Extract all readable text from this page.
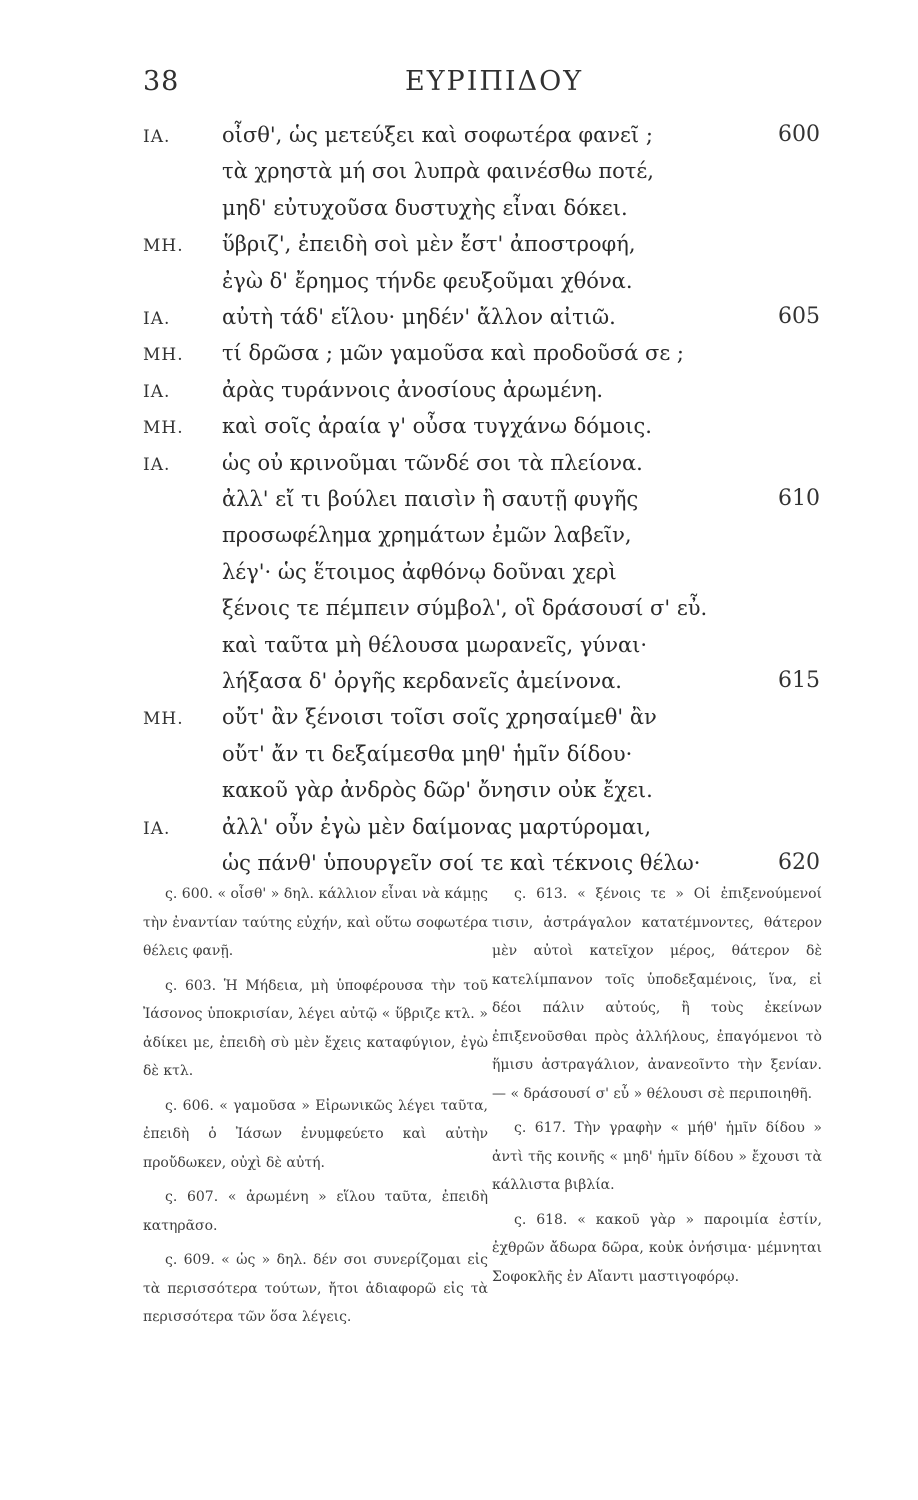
38	ΕΥΡΙΠΙΔΟΥ
ΙΑ. οἶσθ', ὡς μετεύξει καὶ σοφωτέρα φανεῖ ;	600
τὰ χρηστὰ μή σοι λυπρὰ φαινέσθω ποτέ,
μηδ' εὐτυχοῦσα δυστυχὴς εἶναι δόκει.
ΜΗ. ὕβριζ', ἐπειδὴ σοὶ μὲν ἔστ' ἀποστροφή,
ἐγὼ δ' ἔρημος τήνδε φευξοῦμαι χθόνα.
ΙΑ. αὐτὴ τάδ' εἵλου· μηδέν' ἄλλον αἰτιῶ.	605
ΜΗ. τί δρῶσα ; μῶν γαμοῦσα καὶ προδοῦσά σε ;
ΙΑ. ἀρὰς τυράννοις ἀνοσίους ἀρωμένη.
ΜΗ. καὶ σοῖς ἀραία γ' οὖσα τυγχάνω δόμοις.
ΙΑ. ὡς οὐ κρινοῦμαι τῶνδέ σοι τὰ πλείονα.
ἀλλ' εἴ τι βούλει παισὶν ἢ σαυτῇ φυγῆς	610
προσωφέλημα χρημάτων ἐμῶν λαβεῖν,
λέγ'· ὡς ἕτοιμος ἀφθόνῳ δοῦναι χερὶ
ξένοις τε πέμπειν σύμβολ', οἳ δράσουσί σ' εὖ.
καὶ ταῦτα μὴ θέλουσα μωρανεῖς, γύναι·
λήξασα δ' ὀργῆς κερδανεῖς ἀμείνονα.	615
ΜΗ. οὔτ' ἂν ξένοισι τοῖσι σοῖς χρησαίμεθ' ἂν
οὔτ' ἄν τι δεξαίμεσθα μηθ' ἡμῖν δίδου·
κακοῦ γὰρ ἀνδρὸς δῶρ' ὄνησιν οὐκ ἔχει.
ΙΑ. ἀλλ' οὖν ἐγὼ μὲν δαίμονας μαρτύρομαι,
ὡς πάνθ' ὑπουργεῖν σοί τε καὶ τέκνοις θέλω·	620

ς. 600. « οἶσθ' » δηλ. κάλλιον εἶναι νὰ κάμῃς τὴν ἐναντίαν ταύτης εὐχήν, καὶ οὕτω σοφωτέρα θέλεις φανῇ.

ς. 603. Ἡ Μήδεια, μὴ ὑποφέρουσα τὴν τοῦ Ἰάσονος ὑποκρισίαν, λέγει αὐτῷ « ὕβριζε κτλ. » ἀδίκει με, ἐπειδὴ σὺ μὲν ἔχεις καταφύγιον, ἐγὼ δὲ κτλ.

ς. 606. « γαμοῦσα » Εἰρωνικῶς λέγει ταῦτα, ἐπειδὴ ὁ Ἰάσων ἐνυμφεύετο καὶ αὐτὴν προὔδωκεν, οὐχὶ δὲ αὐτή.

ς. 607. « ἀρωμένη » εἵλου ταῦτα, ἐπειδὴ κατηρᾶσο.

ς. 609. « ὡς » δηλ. δέν σοι συνερίζομαι εἰς τὰ περισσότερα τούτων, ἤτοι ἀδιαφορῶ εἰς τὰ περισσότερα τῶν ὅσα λέγεις.

ς. 613. « ξένοις τε » Οἱ ἐπιξενούμενοί τισιν, ἀστράγαλον κατατέμνοντες, θάτερον μὲν αὐτοὶ κατεῖχον μέρος, θάτερον δὲ κατελίμπανον τοῖς ὑποδεξαμένοις, ἵνα, εἰ δέοι πάλιν αὐτούς, ἢ τοὺς ἐκείνων ἐπιξενοῦσθαι πρὸς ἀλλήλους, ἐπαγόμενοι τὸ ἥμισυ ἀστραγάλιον, ἀνανεοῖντο τὴν ξενίαν. — « δράσουσί σ' εὖ » θέλουσι σὲ περιποιηθῆ.

ς. 617. Τὴν γραφὴν « μήθ' ἡμῖν δίδου » ἀντὶ τῆς κοινῆς « μηδ' ἡμῖν δίδου » ἔχουσι τὰ κάλλιστα βιβλία.

ς. 618. « κακοῦ γὰρ » παροιμία ἐστίν, ἐχθρῶν ἄδωρα δῶρα, κοὐκ ὀνήσιμα· μέμνηται Σοφοκλῆς ἐν Αἴαντι μαστιγοφόρῳ.
